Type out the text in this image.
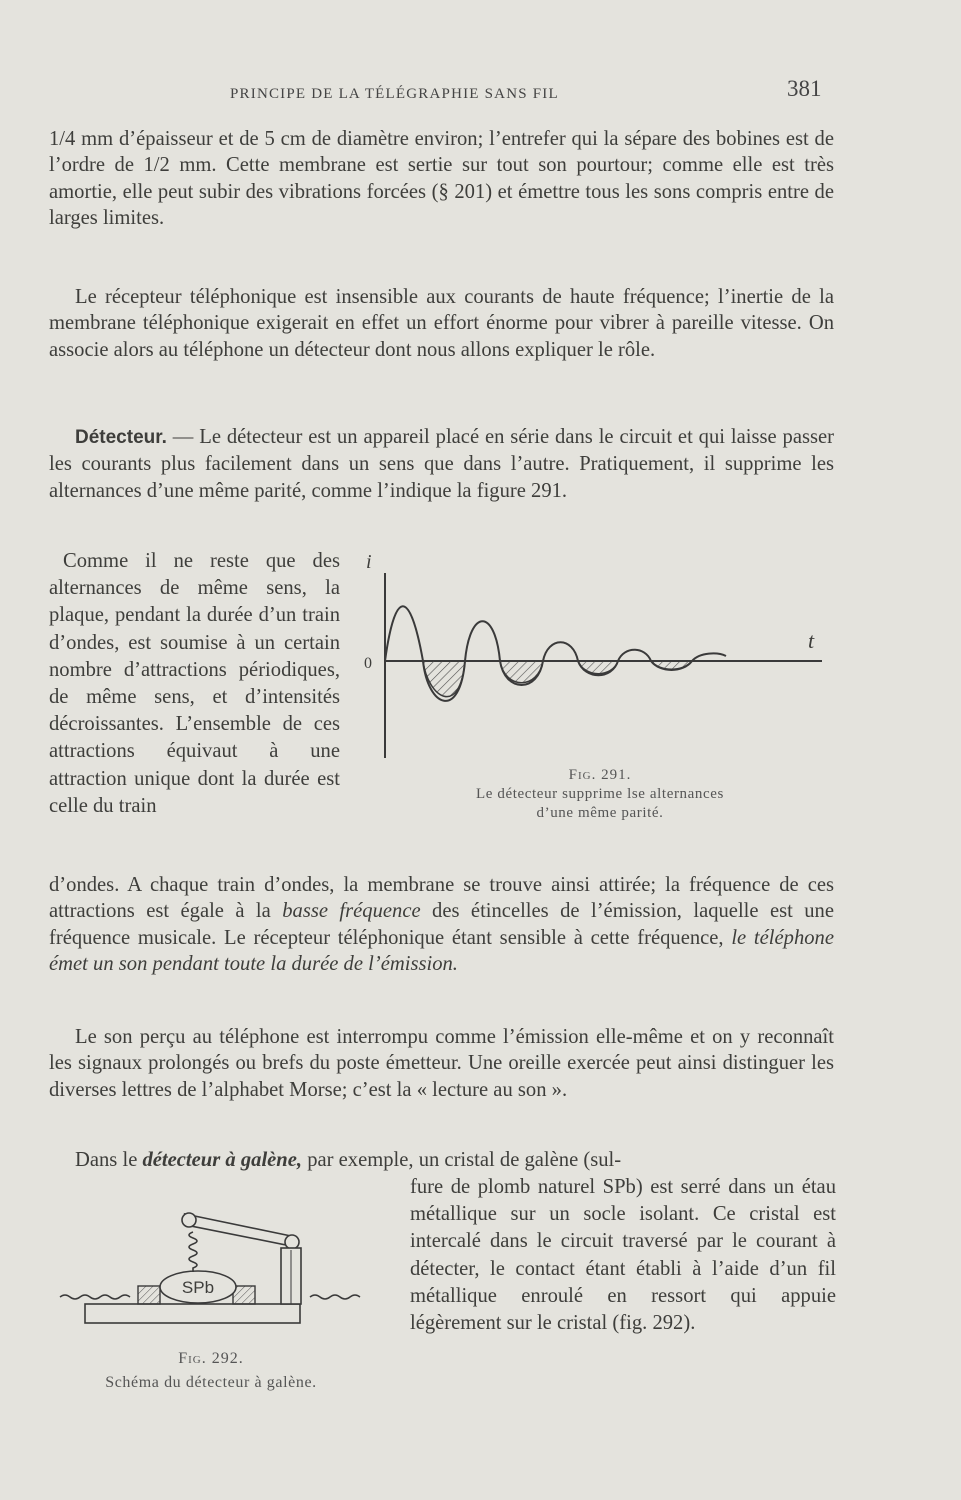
PRINCIPE DE LA TÉLÉGRAPHIE SANS FIL	381

1/4 mm d’épaisseur et de 5 cm de diamètre environ; l’entrefer qui la sépare des bobines est de l’ordre de 1/2 mm. Cette membrane est sertie sur tout son pourtour; comme elle est très amortie, elle peut subir des vibrations forcées (§ 201) et émettre tous les sons compris entre de larges limites.

Le récepteur téléphonique est insensible aux courants de haute fréquence; l’inertie de la membrane téléphonique exigerait en effet un effort énorme pour vibrer à pareille vitesse. On associe alors au téléphone un détecteur dont nous allons expliquer le rôle.

Détecteur. — Le détecteur est un appareil placé en série dans le circuit et qui laisse passer les courants plus facilement dans un sens que dans l’autre. Pratiquement, il supprime les alternances d’une même parité, comme l’indique la figure 291.

Comme il ne reste que des alternances de même sens, la plaque, pendant la durée d’un train d’ondes, est soumise à un certain nombre d’attractions périodiques, de même sens, et d’intensités décroissantes. L’ensemble de ces attractions équivaut à une attraction unique dont la durée est celle du train

i
t
0
Fig. 291.
Le détecteur supprime lse alternances
d’une même parité.

d’ondes. A chaque train d’ondes, la membrane se trouve ainsi attirée; la fréquence de ces attractions est égale à la basse fréquence des étincelles de l’émission, laquelle est une fréquence musicale. Le récepteur téléphonique étant sensible à cette fréquence, le téléphone émet un son pendant toute la durée de l’émission.

Le son perçu au téléphone est interrompu comme l’émission elle-même et on y reconnaît les signaux prolongés ou brefs du poste émetteur. Une oreille exercée peut ainsi distinguer les diverses lettres de l’alphabet Morse; c’est la « lecture au son ».

Dans le détecteur à galène, par exemple, un cristal de galène (sul-

fure de plomb naturel SPb) est serré dans un étau métallique sur un socle isolant. Ce cristal est intercalé dans le circuit traversé par le courant à détecter, le contact étant établi à l’aide d’un fil métallique enroulé en ressort qui appuie légèrement sur le cristal (fig. 292).

SPb
Fig. 292.
Schéma du détecteur à galène.
